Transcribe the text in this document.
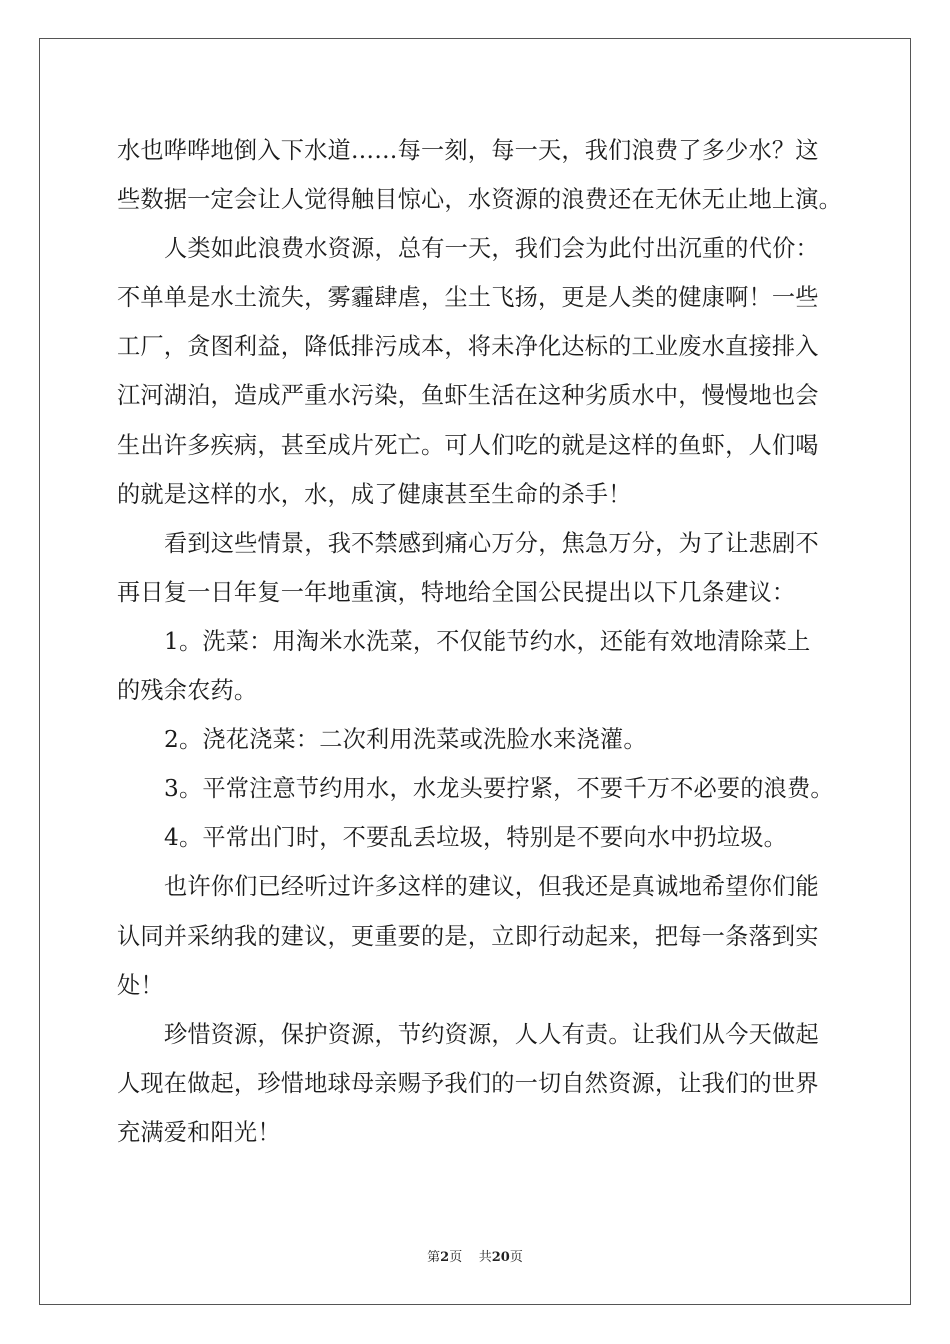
水也哗哗地倒入下水道……每一刻，每一天，我们浪费了多少水？这
些数据一定会让人觉得触目惊心，水资源的浪费还在无休无止地上演。
人类如此浪费水资源，总有一天，我们会为此付出沉重的代价：
不单单是水土流失，雾霾肆虐，尘土飞扬，更是人类的健康啊！一些
工厂，贪图利益，降低排污成本，将未净化达标的工业废水直接排入
江河湖泊，造成严重水污染，鱼虾生活在这种劣质水中，慢慢地也会
生出许多疾病，甚至成片死亡。可人们吃的就是这样的鱼虾，人们喝
的就是这样的水，水，成了健康甚至生命的杀手！
看到这些情景，我不禁感到痛心万分，焦急万分，为了让悲剧不
再日复一日年复一年地重演，特地给全国公民提出以下几条建议：
1。洗菜：用淘米水洗菜，不仅能节约水，还能有效地清除菜上
的残余农药。
2。浇花浇菜：二次利用洗菜或洗脸水来浇灌。
3。平常注意节约用水，水龙头要拧紧，不要千万不必要的浪费。
4。平常出门时，不要乱丢垃圾，特别是不要向水中扔垃圾。
也许你们已经听过许多这样的建议，但我还是真诚地希望你们能
认同并采纳我的建议，更重要的是，立即行动起来，把每一条落到实
处！
珍惜资源，保护资源，节约资源，人人有责。让我们从今天做起
人现在做起，珍惜地球母亲赐予我们的一切自然资源，让我们的世界
充满爱和阳光！
第2页 共20页
